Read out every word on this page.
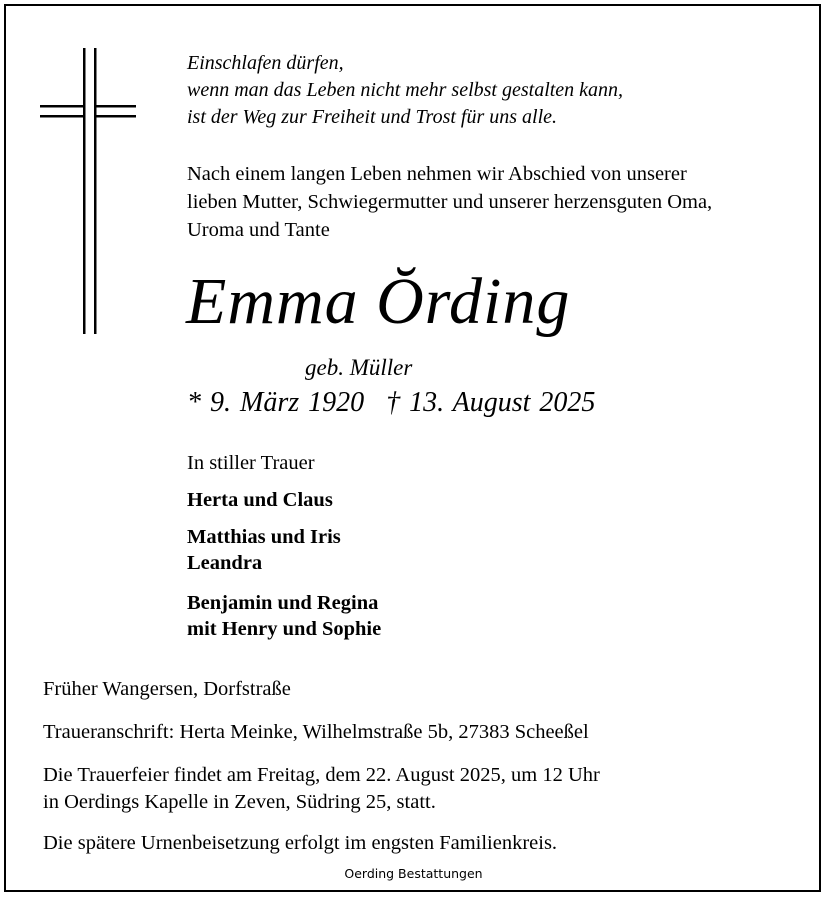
Einschlafen dürfen,
wenn man das Leben nicht mehr selbst gestalten kann,
ist der Weg zur Freiheit und Trost für uns alle.
Nach einem langen Leben nehmen wir Abschied von unserer
lieben Mutter, Schwiegermutter und unserer herzensguten Oma,
Uroma und Tante
Emma Ŏrding
geb. Müller
* 9. März 1920 † 13. August 2025
In stiller Trauer
Herta und Claus
Matthias und Iris
Leandra
Benjamin und Regina
mit Henry und Sophie
Früher Wangersen, Dorfstraße
Traueranschrift: Herta Meinke, Wilhelmstraße 5b, 27383 Scheeßel
Die Trauerfeier findet am Freitag, dem 22. August 2025, um 12 Uhr
in Oerdings Kapelle in Zeven, Südring 25, statt.
Die spätere Urnenbeisetzung erfolgt im engsten Familienkreis.
Oerding Bestattungen
